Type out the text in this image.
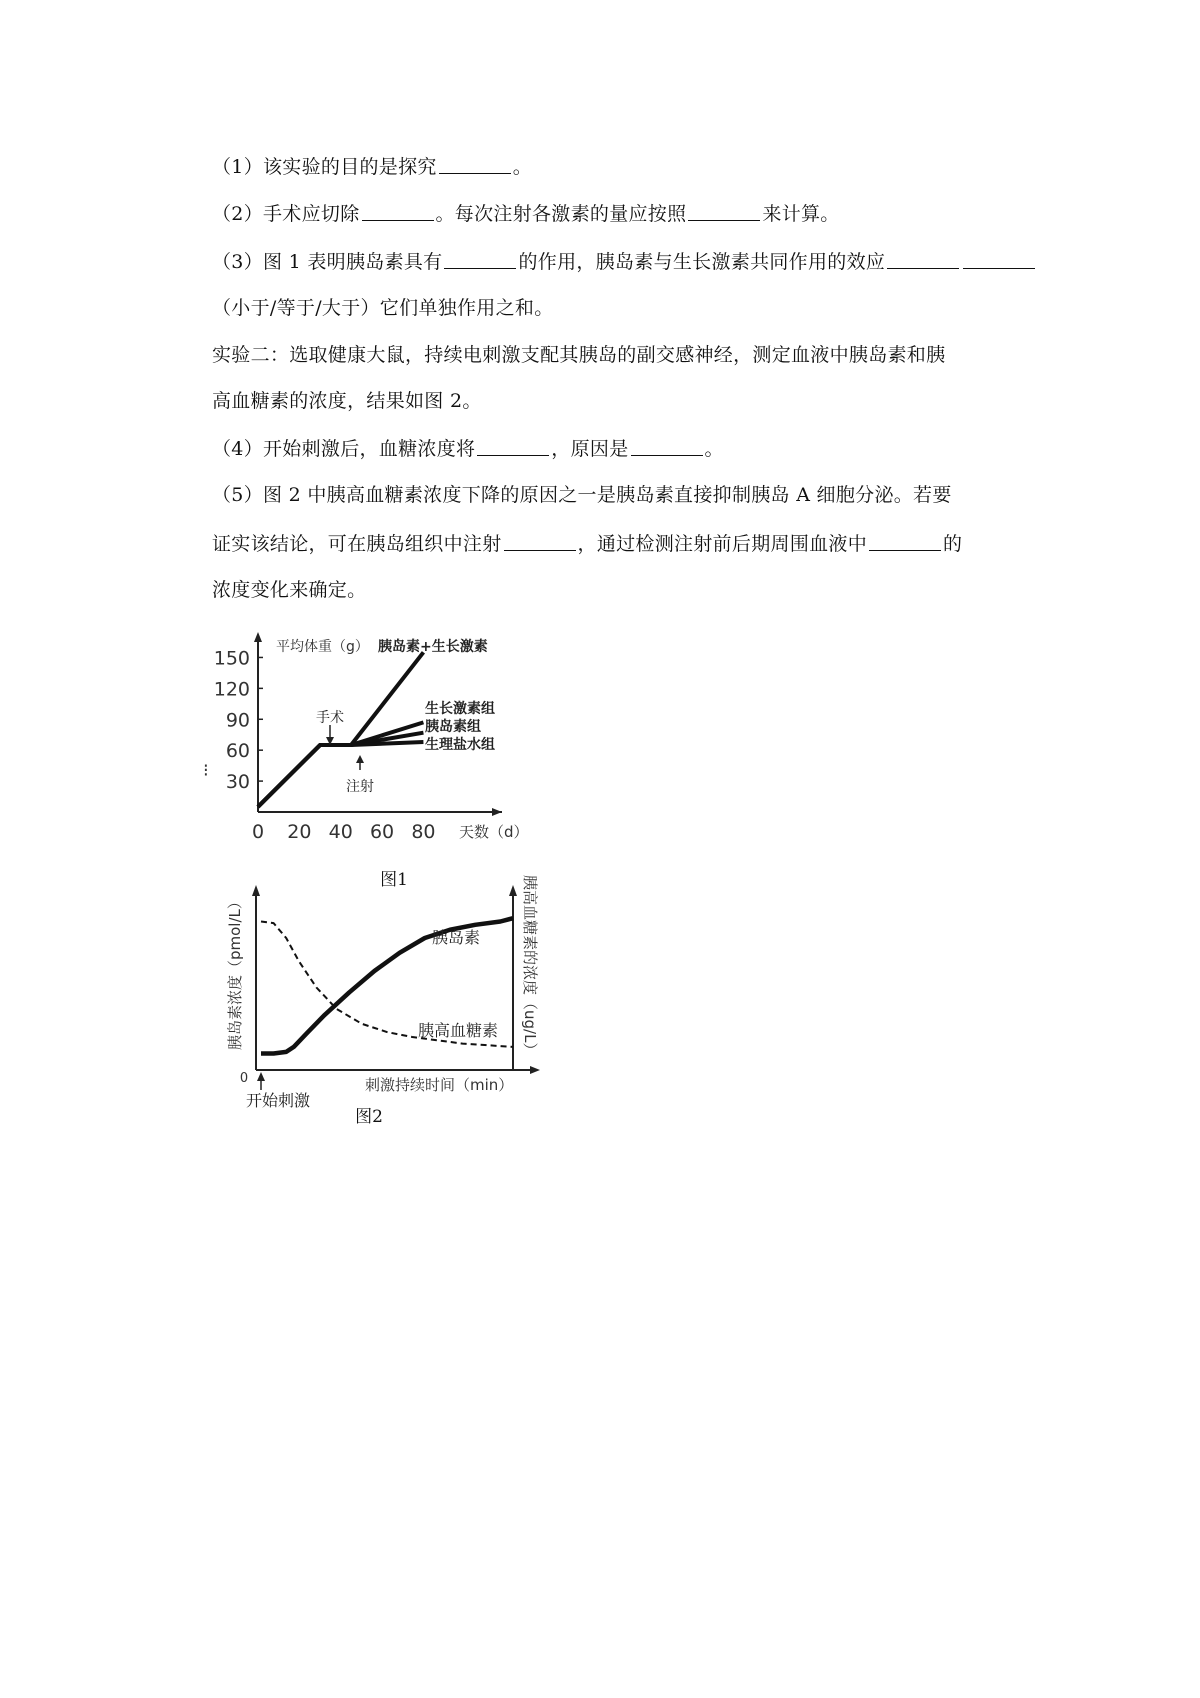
（1）该实验的目的是探究	。
（2）手术应切除	。每次注射各激素的量应按照	来计算。
（3）图 1 表明胰岛素具有	的作用，胰岛素与生长激素共同作用的效应
（小于/等于/大于）它们单独作用之和。
实验二：选取健康大鼠，持续电刺激支配其胰岛的副交感神经，测定血液中胰岛素和胰
高血糖素的浓度，结果如图 2。
（4）开始刺激后，血糖浓度将	，原因是	。
（5）图 2 中胰高血糖素浓度下降的原因之一是胰岛素直接抑制胰岛 A 细胞分泌。若要
证实该结论，可在胰岛组织中注射	，通过检测注射前后期周围血液中	的
浓度变化来确定。
30
60
90
120
150
0 20 40 60 80
平均体重（g）
天数（d）
胰岛素+生长激素
生长激素组
胰岛素组
生理盐水组
手术
注射
⁝
图1
0
胰岛素
胰高血糖素
胰岛素浓度（pmol/L）	胰高血糖素的浓度（ug/L）
刺激持续时间（min）
开始刺激
图2
